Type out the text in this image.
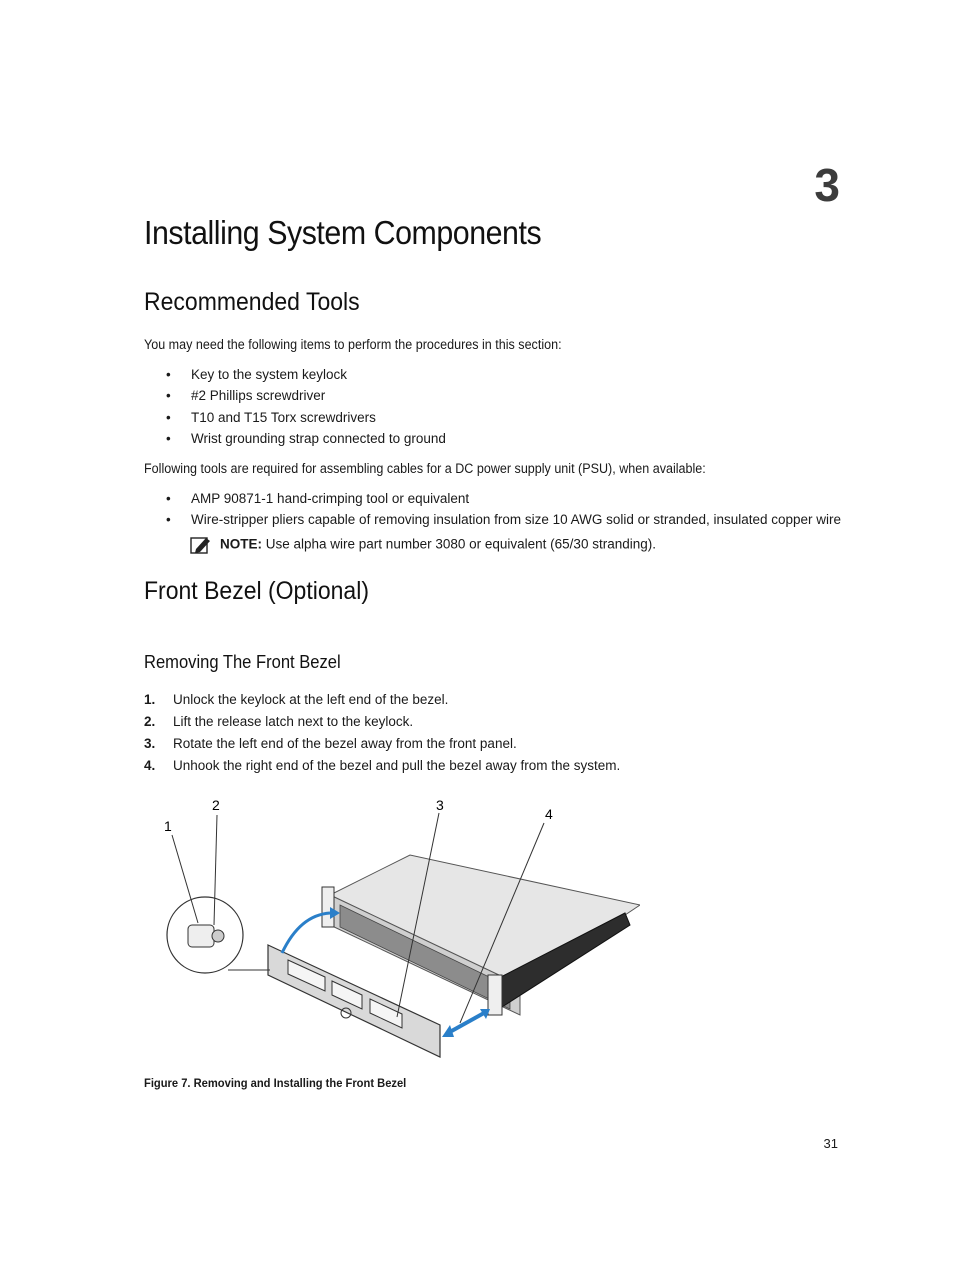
3
Installing System Components
Recommended Tools
You may need the following items to perform the procedures in this section:
• Key to the system keylock
• #2 Phillips screwdriver
• T10 and T15 Torx screwdrivers
• Wrist grounding strap connected to ground
Following tools are required for assembling cables for a DC power supply unit (PSU), when available:
• AMP 90871-1 hand-crimping tool or equivalent
• Wire-stripper pliers capable of removing insulation from size 10 AWG solid or stranded, insulated copper wire
NOTE: Use alpha wire part number 3080 or equivalent (65/30 stranding).
Front Bezel (Optional)
Removing The Front Bezel
1. Unlock the keylock at the left end of the bezel.
2. Lift the release latch next to the keylock.
3. Rotate the left end of the bezel away from the front panel.
4. Unhook the right end of the bezel and pull the bezel away from the system.
1
2	3
4
Figure 7. Removing and Installing the Front Bezel
31
